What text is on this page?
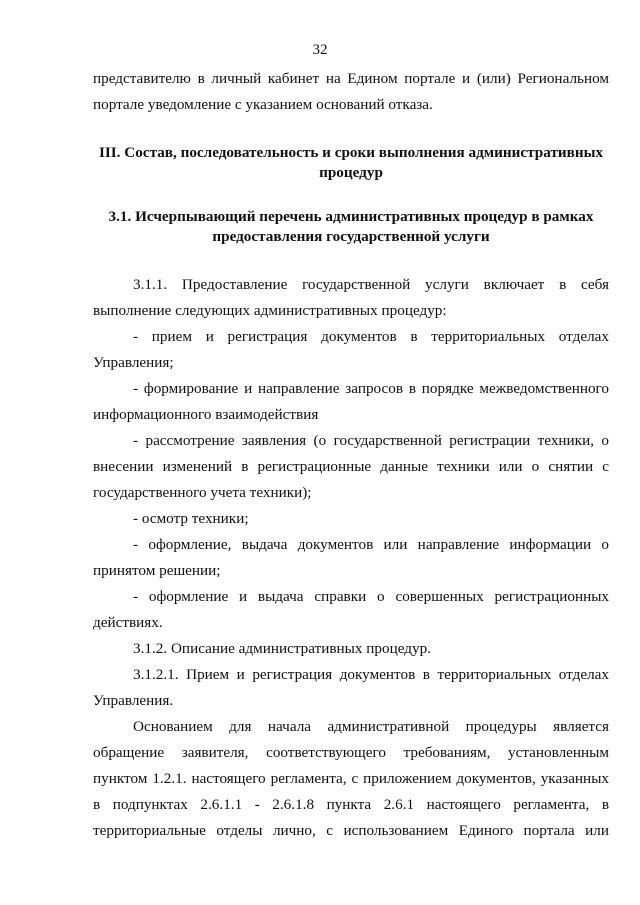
32

представителю в личный кабинет на Едином портале и (или) Региональном портале уведомление с указанием оснований отказа.

III. Состав, последовательность и сроки выполнения административных процедур

3.1. Исчерпывающий перечень административных процедур в рамках предоставления государственной услуги

3.1.1. Предоставление государственной услуги включает в себя выполнение следующих административных процедур:

- прием и регистрация документов в территориальных отделах Управления;

- формирование и направление запросов в порядке межведомственного информационного взаимодействия

- рассмотрение заявления (о государственной регистрации техники, о внесении изменений в регистрационные данные техники или о снятии с государственного учета техники);

- осмотр техники;

- оформление, выдача документов или направление информации о принятом решении;

- оформление и выдача справки о совершенных регистрационных действиях.

3.1.2. Описание административных процедур.

3.1.2.1. Прием и регистрация документов в территориальных отделах Управления.

Основанием для начала административной процедуры является обращение заявителя, соответствующего требованиям, установленным пунктом 1.2.1. настоящего регламента, с приложением документов, указанных в подпунктах 2.6.1.1 - 2.6.1.8 пункта 2.6.1 настоящего регламента, в территориальные отделы лично, с использованием Единого портала или
